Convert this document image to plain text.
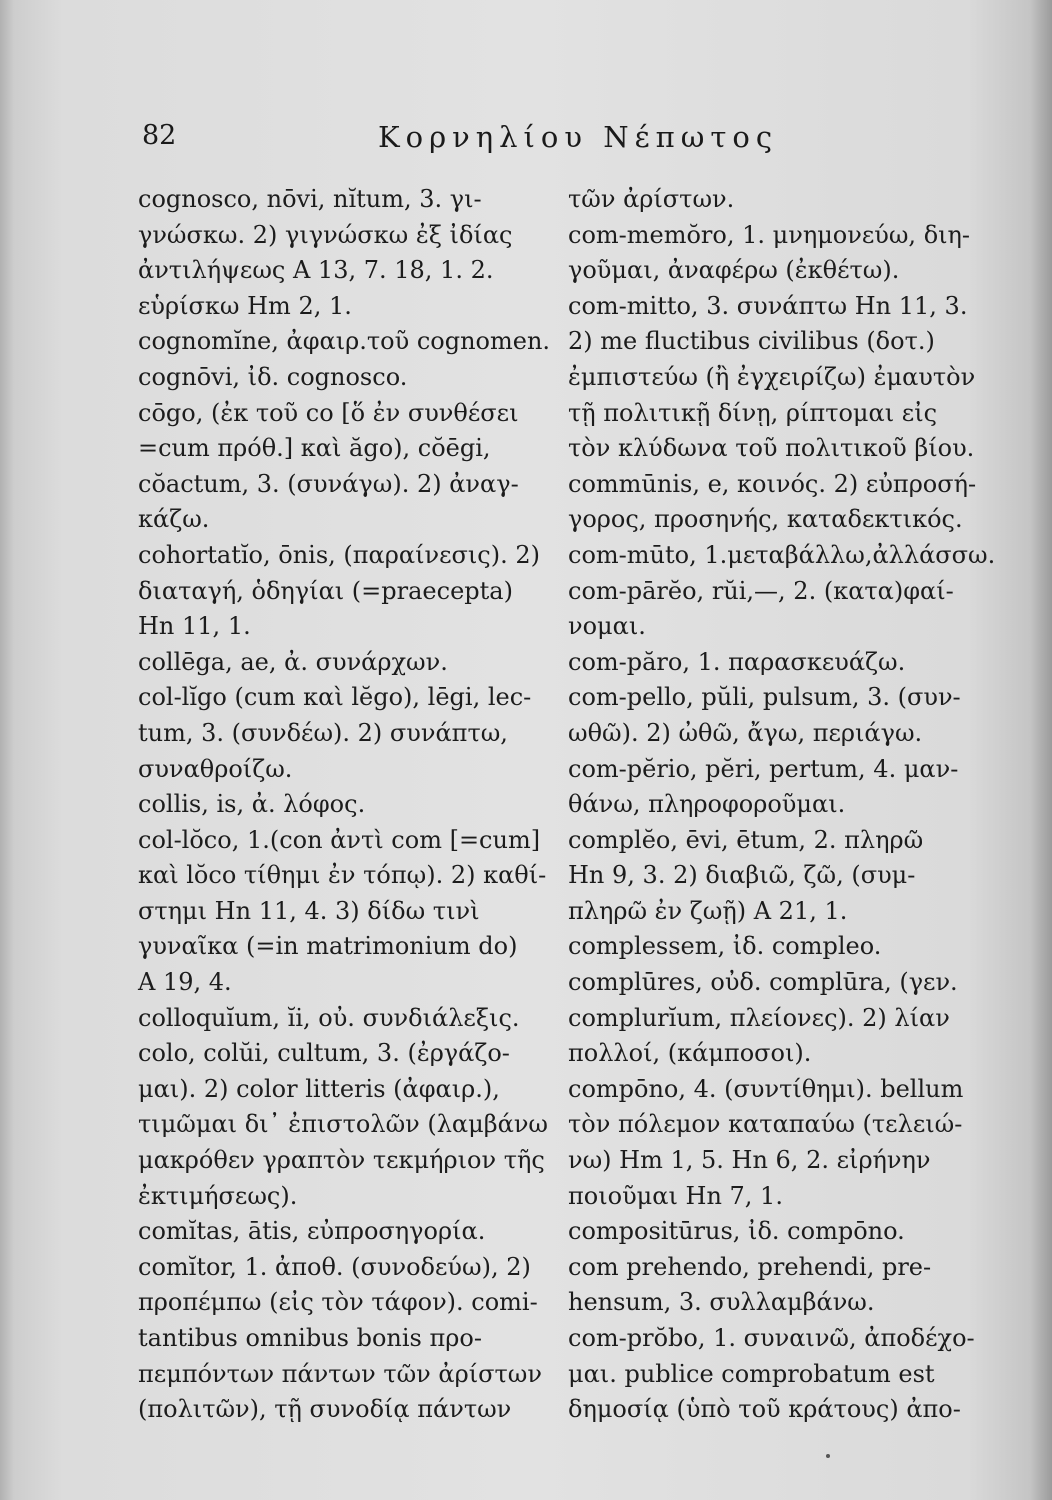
82	Κορνηλίου Νέπωτος
cognosco, nōvi, nĭtum, 3. γι-
γνώσκω. 2) γιγνώσκω ἐξ ἰδίας
ἀντιλήψεως A 13, 7. 18, 1. 2.
εὑρίσκω Hm 2, 1.
cognomĭne, ἀφαιρ.τοῦ cognomen.
cognōvi, ἰδ. cognosco.
cōgo, (ἐκ τοῦ co [ὅ ἐν συνθέσει
=cum πρόθ.] καὶ ăgo), cŏēgi,
cŏactum, 3. (συνάγω). 2) ἀναγ-
κάζω.
cohortatĭo, ōnis, (παραίνεσις). 2)
διαταγή, ὁδηγίαι (=praecepta)
Hn 11, 1.
collēga, ae, ἀ. συνάρχων.
col-lĭgo (cum καὶ lĕgo), lēgi, lec-
tum, 3. (συνδέω). 2) συνάπτω,
συναθροίζω.
collis, is, ἀ. λόφος.
col-lŏco, 1.(con ἀντὶ com [=cum]
καὶ lŏco τίθημι ἐν τόπῳ). 2) καθί-
στημι Hn 11, 4. 3) δίδω τινὶ
γυναῖκα (=in matrimonium do)
A 19, 4.
colloquĭum, ĭi, οὐ. συνδιάλεξις.
colo, colŭi, cultum, 3. (ἐργάζο-
μαι). 2) color litteris (ἀφαιρ.),
τιμῶμαι δι᾽ ἐπιστολῶν (λαμβάνω
μακρόθεν γραπτὸν τεκμήριον τῆς
ἐκτιμήσεως).
comĭtas, ātis, εὐπροσηγορία.
comĭtor, 1. ἀποθ. (συνοδεύω), 2)
προπέμπω (εἰς τὸν τάφον). comi-
tantibus omnibus bonis προ-
πεμπόντων πάντων τῶν ἀρίστων
(πολιτῶν), τῇ συνοδίᾳ πάντων
τῶν ἀρίστων.
com-memŏro, 1. μνημονεύω, διη-
γοῦμαι, ἀναφέρω (ἐκθέτω).
com-mitto, 3. συνάπτω Hn 11, 3.
2) me fluctibus civilibus (δοτ.)
ἐμπιστεύω (ἢ ἐγχειρίζω) ἐμαυτὸν
τῇ πολιτικῇ δίνῃ, ρίπτομαι εἰς
τὸν κλύδωνα τοῦ πολιτικοῦ βίου.
commūnis, e, κοινός. 2) εὐπροσή-
γορος, προσηνής, καταδεκτικός.
com-mūto, 1.μεταβάλλω,ἀλλάσσω.
com-pārĕo, rŭi,—, 2. (κατα)φαί-
νομαι.
com-păro, 1. παρασκευάζω.
com-pello, pŭli, pulsum, 3. (συν-
ωθῶ). 2) ὠθῶ, ἄγω, περιάγω.
com-pĕrio, pĕri, pertum, 4. μαν-
θάνω, πληροφοροῦμαι.
complĕo, ēvi, ētum, 2. πληρῶ
Hn 9, 3. 2) διαβιῶ, ζῶ, (συμ-
πληρῶ ἐν ζωῇ) A 21, 1.
complessem, ἰδ. compleo.
complūres, οὐδ. complūra, (γεν.
complurĭum, πλείονες). 2) λίαν
πολλοί, (κάμποσοι).
compōno, 4. (συντίθημι). bellum
τὸν πόλεμον καταπαύω (τελειώ-
νω) Hm 1, 5. Hn 6, 2. εἰρήνην
ποιοῦμαι Hn 7, 1.
compositūrus, ἰδ. compōno.
com prehendo, prehendi, pre-
hensum, 3. συλλαμβάνω.
com-prŏbo, 1. συναινῶ, ἀποδέχο-
μαι. publice comprobatum est
δημοσίᾳ (ὑπὸ τοῦ κράτους) ἀπο-
